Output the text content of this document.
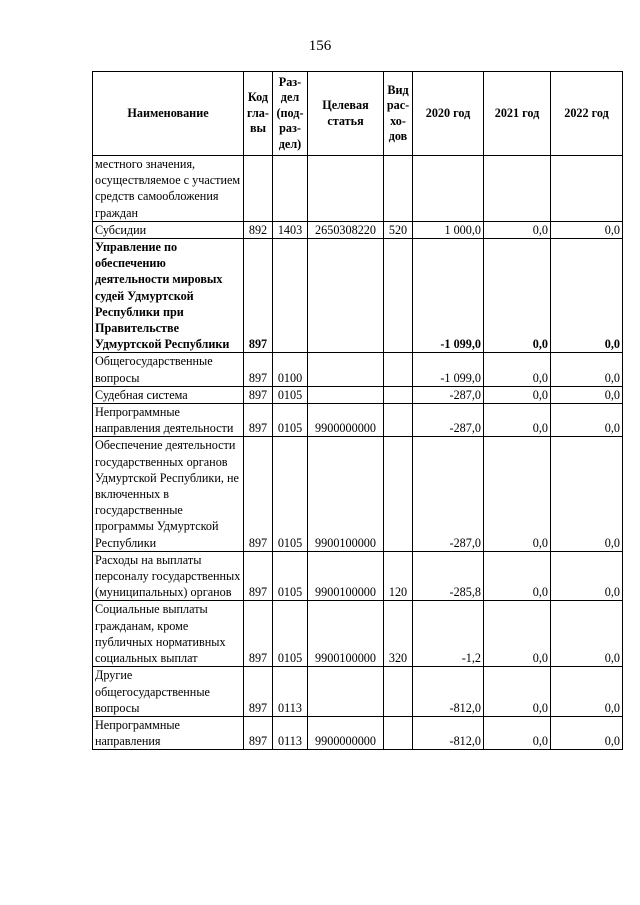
156
Наименование	Код гла-вы	Раз-дел (под-раз-дел)	Целевая статья	Вид рас-хо-дов	2020 год	2021 год	2022 год
местного значения, осуществляемое с участием средств самообложения граждан							
Субсидии	892	1403	2650308220	520	1 000,0	0,0	0,0
Управление по обеспечению деятельности мировых судей Удмуртской Республики при Правительстве Удмуртской Республики	897				-1 099,0	0,0	0,0
Общегосударственные вопросы	897	0100			-1 099,0	0,0	0,0
Судебная система	897	0105			-287,0	0,0	0,0
Непрограммные направления деятельности	897	0105	9900000000		-287,0	0,0	0,0
Обеспечение деятельности государственных органов Удмуртской Республики, не включенных в государственные программы Удмуртской Республики	897	0105	9900100000		-287,0	0,0	0,0
Расходы на выплаты персоналу государственных (муниципальных) органов	897	0105	9900100000	120	-285,8	0,0	0,0
Социальные выплаты гражданам, кроме публичных нормативных социальных выплат	897	0105	9900100000	320	-1,2	0,0	0,0
Другие общегосударственные вопросы	897	0113			-812,0	0,0	0,0
Непрограммные направления	897	0113	9900000000		-812,0	0,0	0,0
